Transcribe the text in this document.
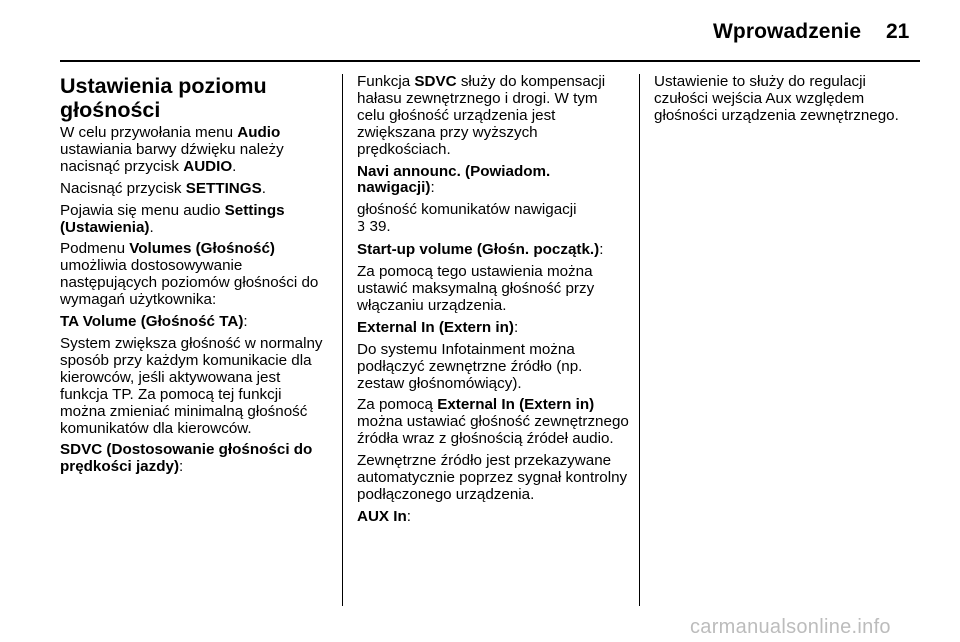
Wprowadzenie 21
Ustawienia poziomu głośności

W celu przywołania menu Audio ustawiania barwy dźwięku należy nacisnąć przycisk AUDIO.

Nacisnąć przycisk SETTINGS.

Pojawia się menu audio Settings (Ustawienia).

Podmenu Volumes (Głośność) umożliwia dostosowywanie następujących poziomów głośności do wymagań użytkownika:

TA Volume (Głośność TA):

System zwiększa głośność w normalny sposób przy każdym komunikacie dla kierowców, jeśli aktywowana jest funkcja TP. Za pomocą tej funkcji można zmieniać minimalną głośność komunikatów dla kierowców.

SDVC (Dostosowanie głośności do prędkości jazdy):

Funkcja SDVC służy do kompensacji hałasu zewnętrznego i drogi. W tym celu głośność urządzenia jest zwiększana przy wyższych prędkościach.

Navi announc. (Powiadom. nawigacji):

głośność komunikatów nawigacji
3 39.

Start-up volume (Głośn. początk.):

Za pomocą tego ustawienia można ustawić maksymalną głośność przy włączaniu urządzenia.

External In (Extern in):

Do systemu Infotainment można podłączyć zewnętrzne źródło (np. zestaw głośnomówiący).

Za pomocą External In (Extern in) można ustawiać głośność zewnętrznego źródła wraz z głośnością źródeł audio.

Zewnętrzne źródło jest przekazywane automatycznie poprzez sygnał kontrolny podłączonego urządzenia.

AUX In:

Ustawienie to służy do regulacji czułości wejścia Aux względem głośności urządzenia zewnętrznego.

carmanualsonline.info
